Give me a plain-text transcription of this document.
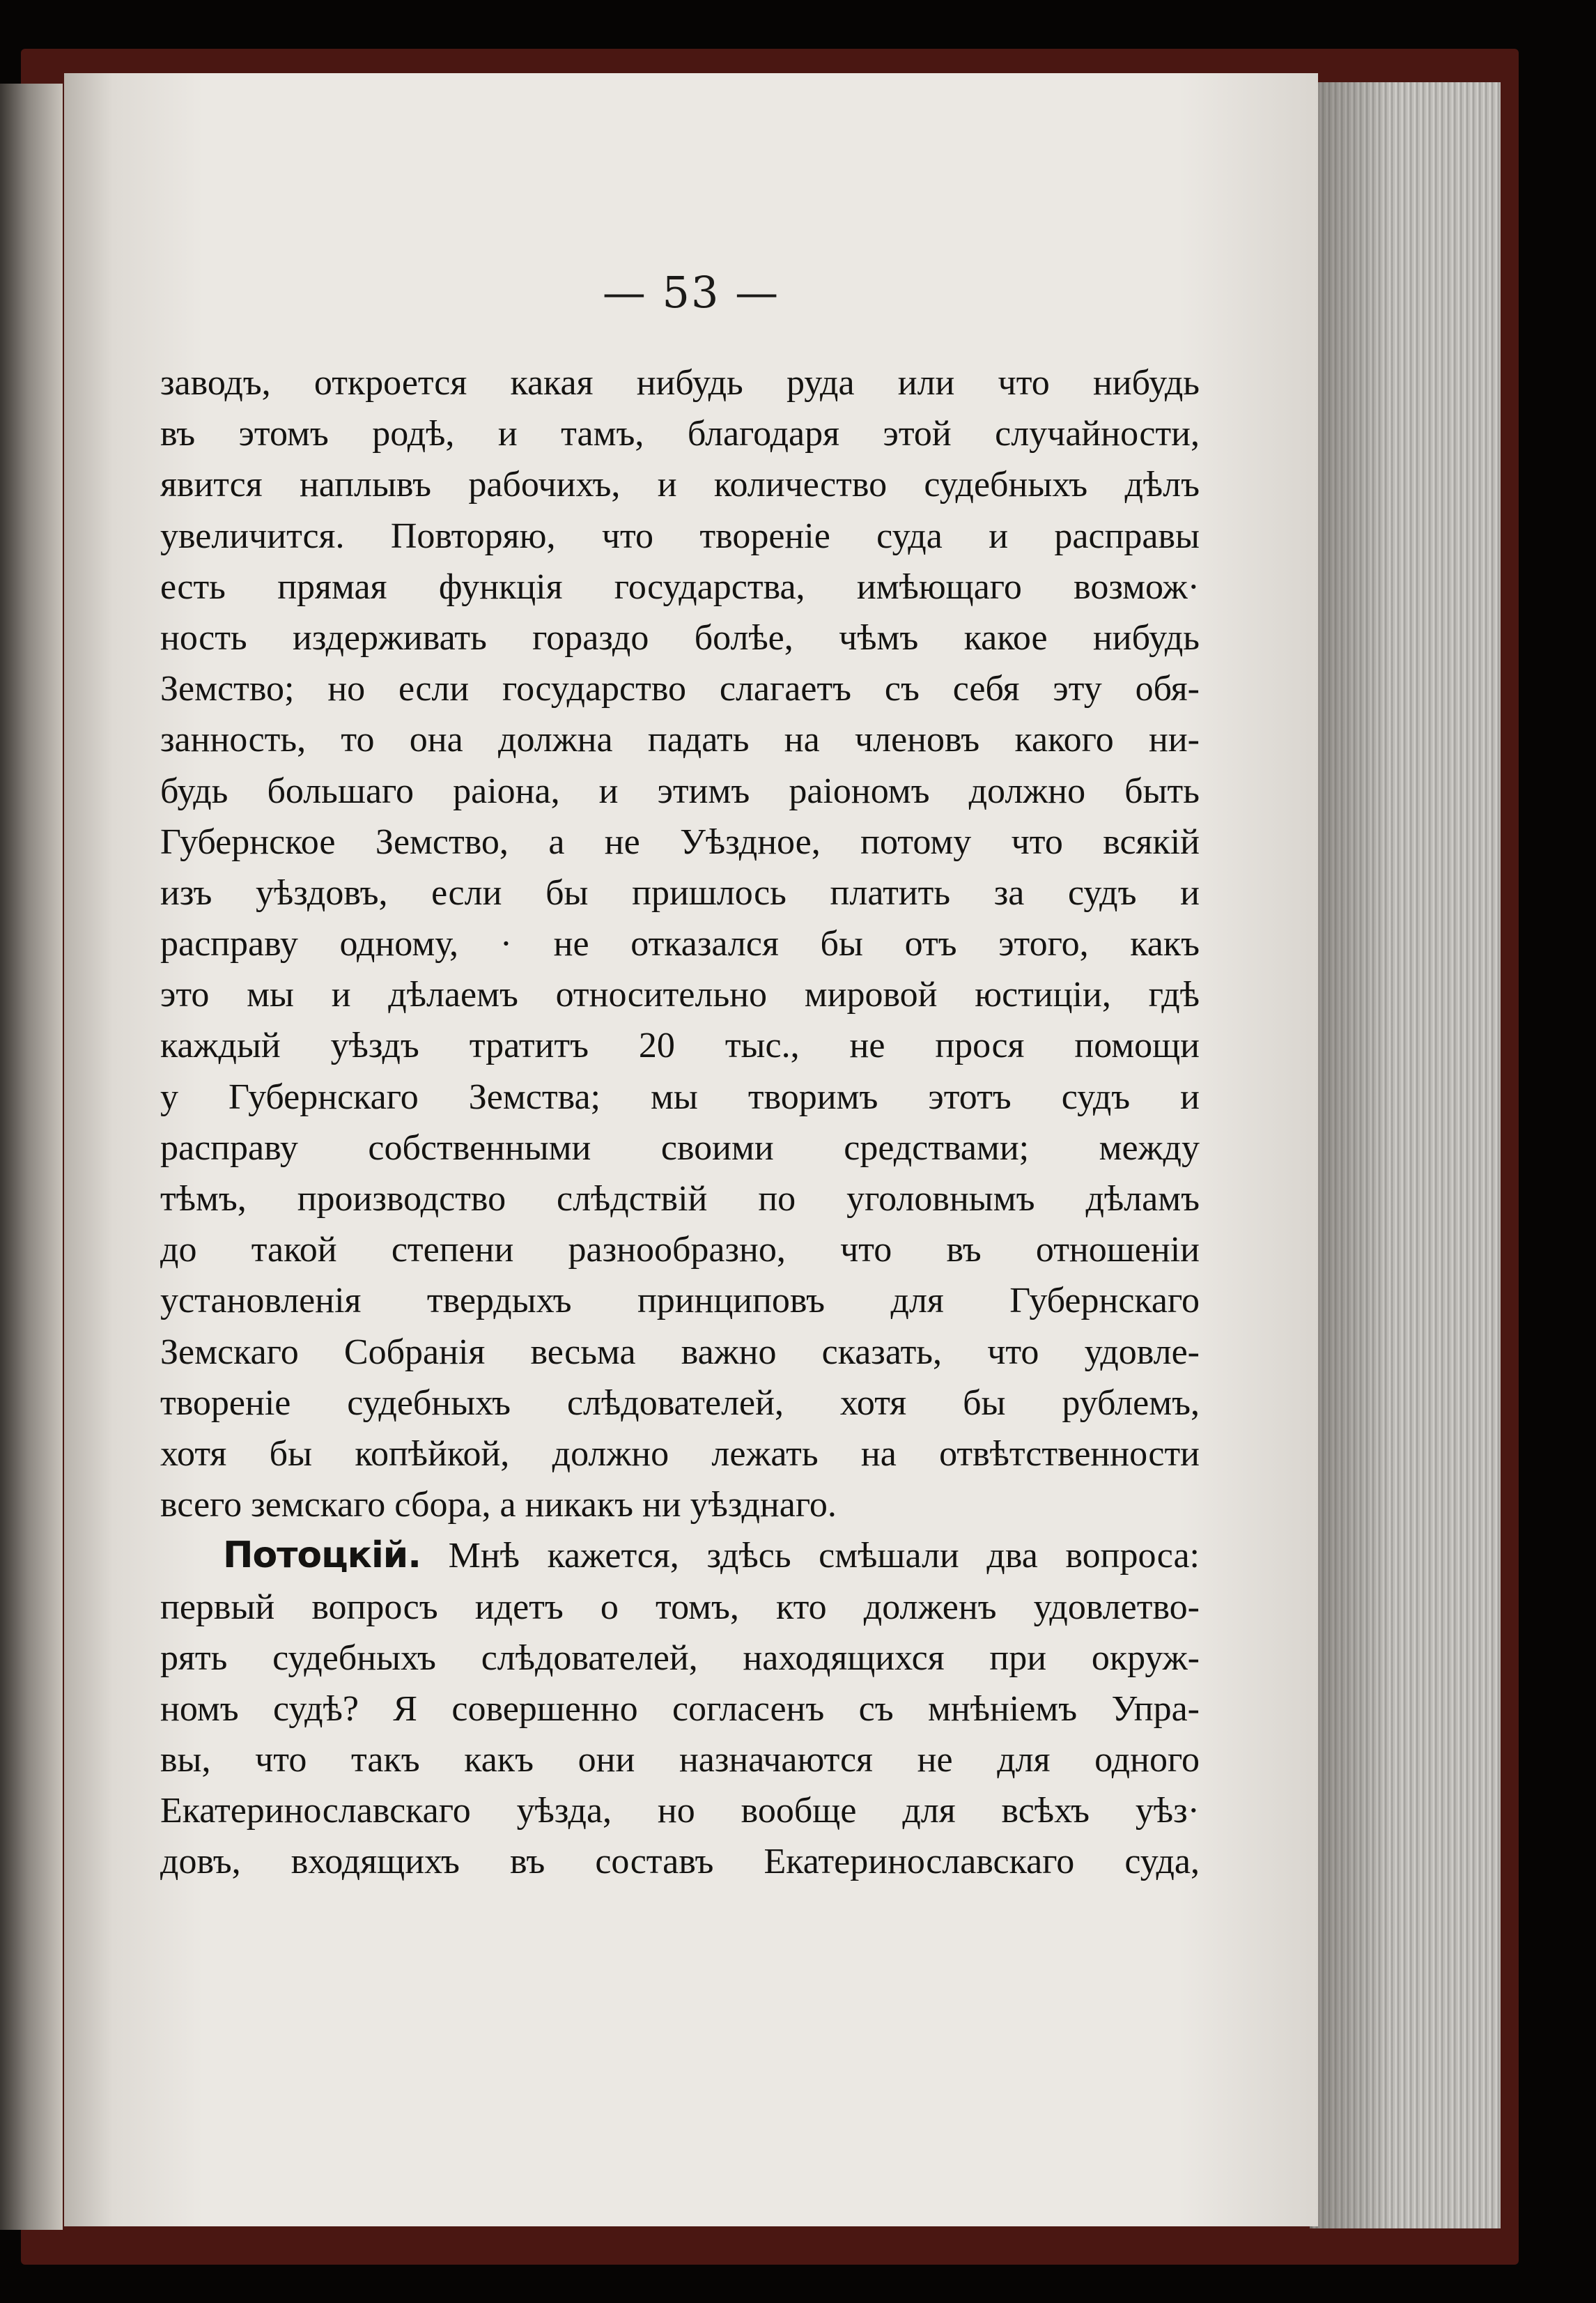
— 53 —
заводъ, откроется какая нибудь руда или что нибудь
въ этомъ родѣ, и тамъ, благодаря этой случайности,
явится наплывъ рабочихъ, и количество судебныхъ дѣлъ
увеличится. Повторяю, что твореніе суда и расправы
есть прямая функція государства, имѣющаго возмож·
ность издерживать гораздо болѣе, чѣмъ какое нибудь
Земство; но если государство слагаетъ съ себя эту обя-
занность, то она должна падать на членовъ какого ни-
будь большаго раіона, и этимъ раіономъ должно быть
Губернское Земство, а не Уѣздное, потому что всякій
изъ уѣздовъ, если бы пришлось платить за судъ и
расправу одному, · не отказался бы отъ этого, какъ
это мы и дѣлаемъ относительно мировой юстиціи, гдѣ
каждый уѣздъ тратитъ 20 тыс., не прося помощи
у Губернскаго Земства; мы творимъ этотъ судъ и
расправу собственными своими средствами; между
тѣмъ, производство слѣдствій по уголовнымъ дѣламъ
до такой степени разнообразно, что въ отношеніи
установленія твердыхъ принциповъ для Губернскаго
Земскаго Собранія весьма важно сказать, что удовле-
твореніе судебныхъ слѣдователей, хотя бы рублемъ,
хотя бы копѣйкой, должно лежать на отвѣтственности
всего земскаго сбора, а никакъ ни уѣзднаго.
Потоцкій. Мнѣ кажется, здѣсь смѣшали два вопроса:
первый вопросъ идетъ о томъ, кто долженъ удовлетво-
рять судебныхъ слѣдователей, находящихся при окруж-
номъ судѣ? Я совершенно согласенъ съ мнѣніемъ Упра-
вы, что такъ какъ они назначаются не для одного
Екатеринославскаго уѣзда, но вообще для всѣхъ уѣз·
довъ, входящихъ въ составъ Екатеринославскаго суда,
